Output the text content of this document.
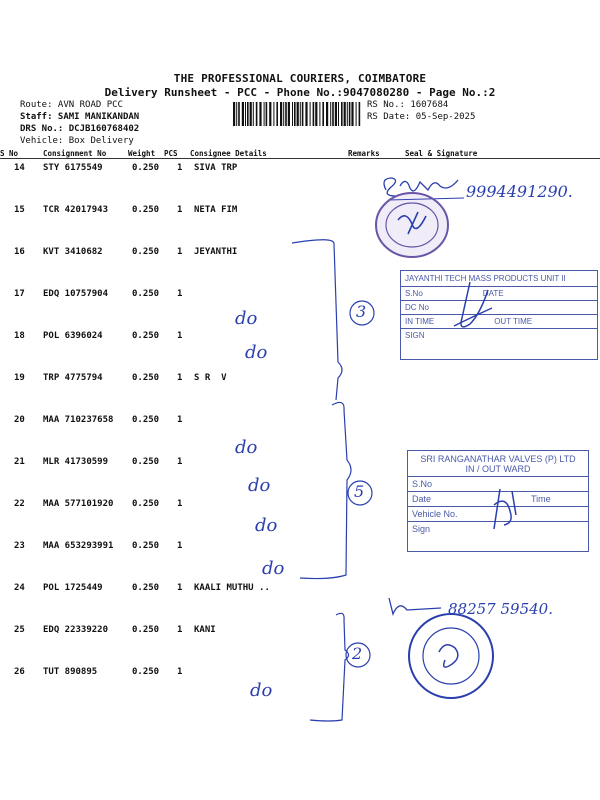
THE PROFESSIONAL COURIERS, COIMBATORE
Delivery Runsheet - PCC - Phone No.:9047080280 - Page No.:2
Route: AVN ROAD PCC
Staff: SAMI MANIKANDAN
DRS No.: DCJB160768402
Vehicle: Box Delivery
RS No.: 1607684
RS Date: 05-Sep-2025
S No	Consignment No	Weight PCS Consignee Details	Remarks	Seal & Signature
14 STY 6175549	0.250 1 SIVA TRP
15 TCR 42017943	0.250 1 NETA FIM
16 KVT 3410682	0.250 1 JEYANTHI
17 EDQ 10757904	0.250 1
18 POL 6396024	0.250 1
19 TRP 4775794	0.250 1 S R  V
20 MAA 710237658 0.250 1
21 MLR 41730599	0.250 1
22 MAA 577101920 0.250 1
23 MAA 653293991 0.250 1
24 POL 1725449	0.250 1 KAALI MUTHU ..
25 EDQ 22339220	0.250 1 KANI
26 TUT 890895	0.250 1
do
do
do
do
do
do
do
3
5
2
9994491290.
JAYANTHI TECH MASS PRODUCTS UNIT II
S.No	DATE
DC No
IN TIME	OUT TIME
SIGN
SRI RANGANATHAR VALVES (P) LTD
IN / OUT WARD
S.No
Date	Time
Vehicle No.
Sign
88257 59540.
